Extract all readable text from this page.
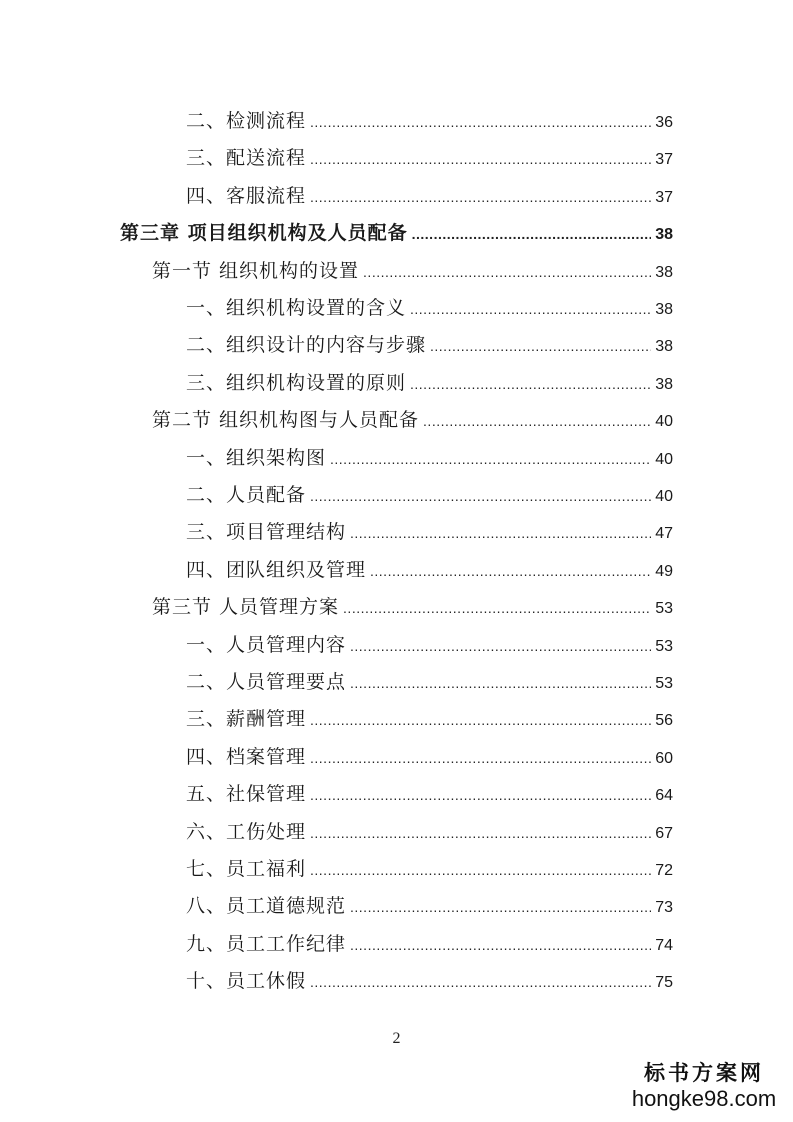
二、检测流程 .....	36
三、配送流程 .....	37
四、客服流程 .....	37
第三章 项目组织机构及人员配备 .....	38
第一节 组织机构的设置 .....	38
一、组织机构设置的含义 .....	38
二、组织设计的内容与步骤 .....	38
三、组织机构设置的原则 .....	38
第二节 组织机构图与人员配备 .....	40
一、组织架构图 .....	40
二、人员配备 .....	40
三、项目管理结构 .....	47
四、团队组织及管理 .....	49
第三节 人员管理方案 .....	53
一、人员管理内容 .....	53
二、人员管理要点 .....	53
三、薪酬管理 .....	56
四、档案管理 .....	60
五、社保管理 .....	64
六、工伤处理 .....	67
七、员工福利 .....	72
八、员工道德规范 .....	73
九、员工工作纪律 .....	74
十、员工休假 .....	75
2
标书方案网
hongke98.com
